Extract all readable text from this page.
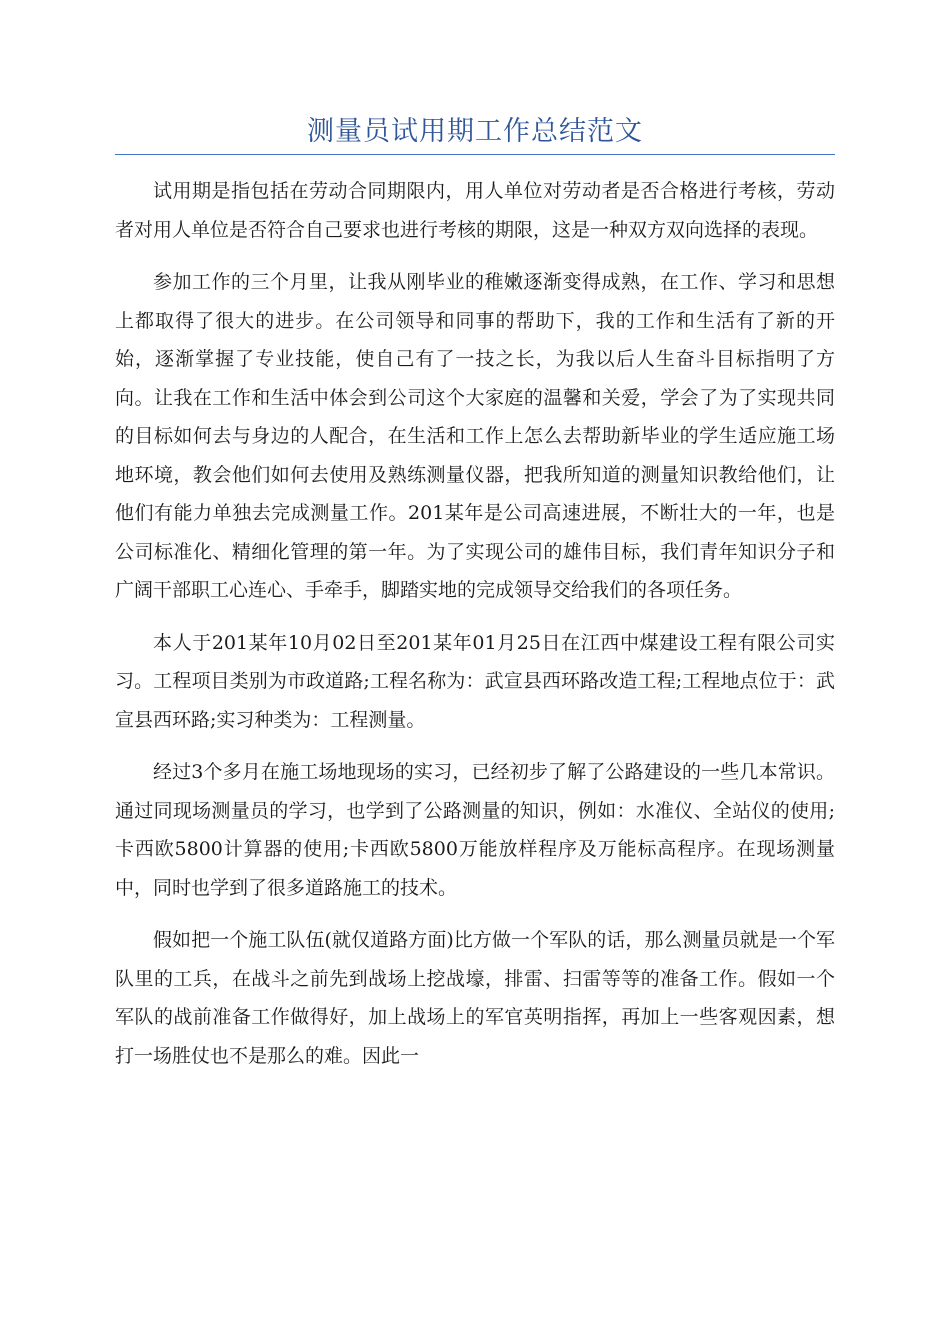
测量员试用期工作总结范文

试用期是指包括在劳动合同期限内，用人单位对劳动者是否合格进行考核，劳动者对用人单位是否符合自己要求也进行考核的期限，这是一种双方双向选择的表现。

参加工作的三个月里，让我从刚毕业的稚嫩逐渐变得成熟，在工作、学习和思想上都取得了很大的进步。在公司领导和同事的帮助下，我的工作和生活有了新的开始，逐渐掌握了专业技能，使自己有了一技之长，为我以后人生奋斗目标指明了方向。让我在工作和生活中体会到公司这个大家庭的温馨和关爱，学会了为了实现共同的目标如何去与身边的人配合，在生活和工作上怎么去帮助新毕业的学生适应施工场地环境，教会他们如何去使用及熟练测量仪器，把我所知道的测量知识教给他们，让他们有能力单独去完成测量工作。201某年是公司高速进展，不断壮大的一年，也是公司标准化、精细化管理的第一年。为了实现公司的雄伟目标，我们青年知识分子和广阔干部职工心连心、手牵手，脚踏实地的完成领导交给我们的各项任务。

本人于201某年10月02日至201某年01月25日在江西中煤建设工程有限公司实习。工程项目类别为市政道路;工程名称为：武宣县西环路改造工程;工程地点位于：武宣县西环路;实习种类为：工程测量。

经过3个多月在施工场地现场的实习，已经初步了解了公路建设的一些几本常识。通过同现场测量员的学习，也学到了公路测量的知识，例如：水准仪、全站仪的使用;卡西欧5800计算器的使用;卡西欧5800万能放样程序及万能标高程序。在现场测量中，同时也学到了很多道路施工的技术。

假如把一个施工队伍(就仅道路方面)比方做一个军队的话，那么测量员就是一个军队里的工兵，在战斗之前先到战场上挖战壕，排雷、扫雷等等的准备工作。假如一个军队的战前准备工作做得好，加上战场上的军官英明指挥，再加上一些客观因素，想打一场胜仗也不是那么的难。因此一
